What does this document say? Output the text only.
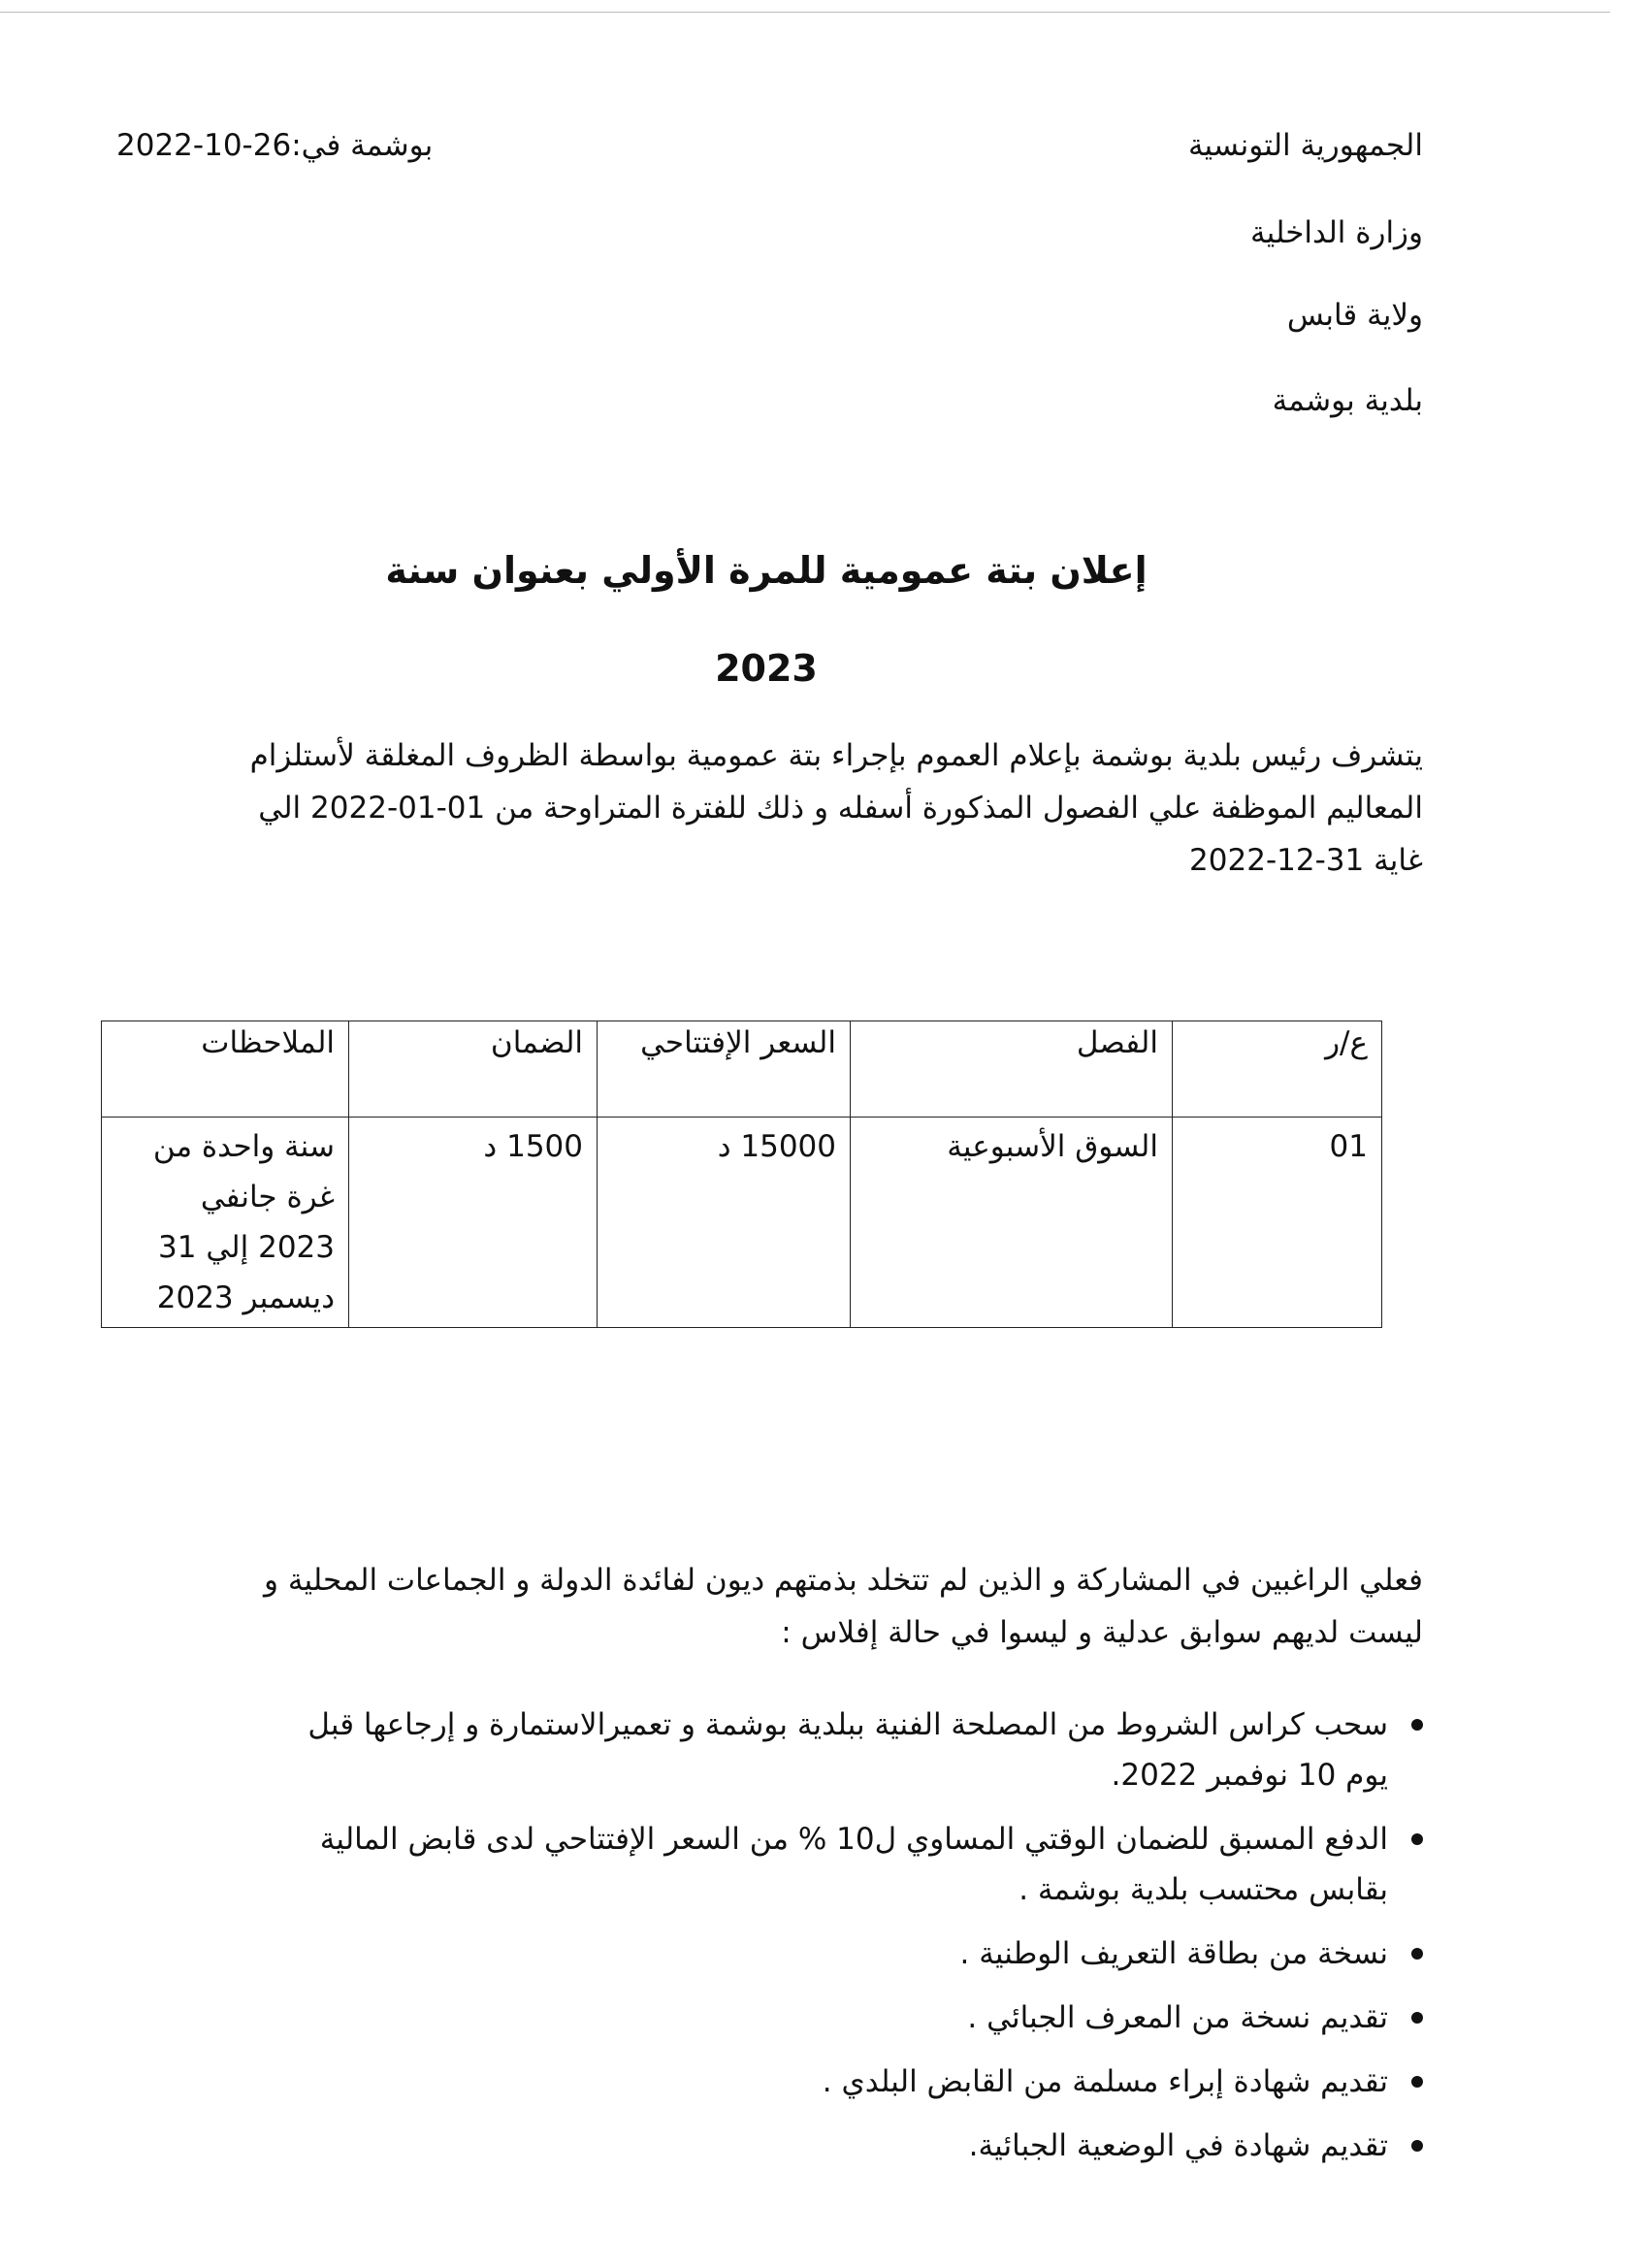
الجمهورية التونسية
وزارة الداخلية
ولاية قابس
بلدية بوشمة
بوشمة في:26-10-2022
إعلان بتة عمومية للمرة الأولي بعنوان سنة
2023
يتشرف رئيس بلدية بوشمة بإعلام العموم بإجراء بتة عمومية بواسطة الظروف المغلقة لأستلزام
المعاليم الموظفة علي الفصول المذكورة أسفله و ذلك للفترة المتراوحة من 01-01-2022 الي
غاية 31-12-2022
ع/ر	الفصل	السعر الإفتتاحي	الضمان	الملاحظات
01	السوق الأسبوعية	15000 د	1500 د	سنة واحدة من
غرة جانفي
2023 إلي 31
ديسمبر 2023
فعلي الراغبين في المشاركة و الذين لم تتخلد بذمتهم ديون لفائدة الدولة و الجماعات المحلية و
ليست لديهم سوابق عدلية و ليسوا في حالة إفلاس :
سحب كراس الشروط من المصلحة الفنية ببلدية بوشمة و تعميرالاستمارة و إرجاعها قبل
يوم 10 نوفمبر 2022.
الدفع المسبق للضمان الوقتي المساوي ل10 % من السعر الإفتتاحي لدى قابض المالية
بقابس محتسب بلدية بوشمة .
نسخة من بطاقة التعريف الوطنية .
تقديم نسخة من المعرف الجبائي .
تقديم شهادة إبراء مسلمة من القابض البلدي .
تقديم شهادة في الوضعية الجبائية.
